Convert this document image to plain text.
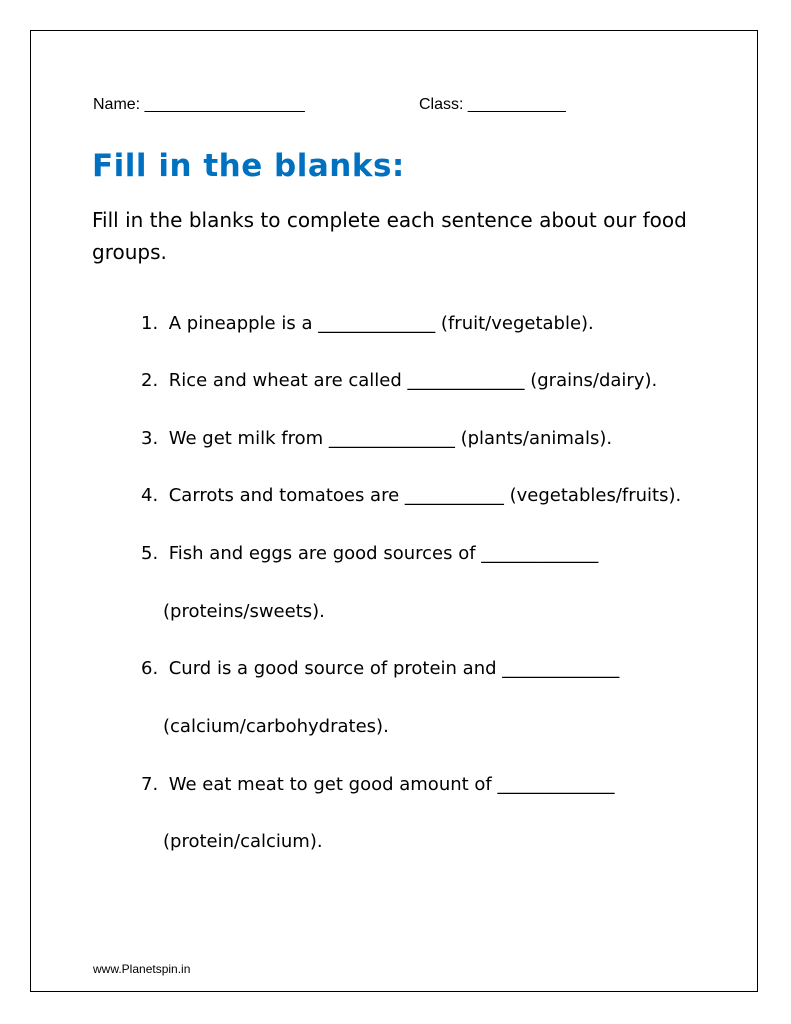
Name: __________________	Class: ___________
Fill in the blanks:

Fill in the blanks to complete each sentence about our food groups.

1. A pineapple is a _____________ (fruit/vegetable).
2. Rice and wheat are called _____________ (grains/dairy).
3. We get milk from ______________ (plants/animals).
4. Carrots and tomatoes are ___________ (vegetables/fruits).
5. Fish and eggs are good sources of _____________
(proteins/sweets).
6. Curd is a good source of protein and _____________
(calcium/carbohydrates).
7. We eat meat to get good amount of _____________
(protein/calcium).
www.Planetspin.in
